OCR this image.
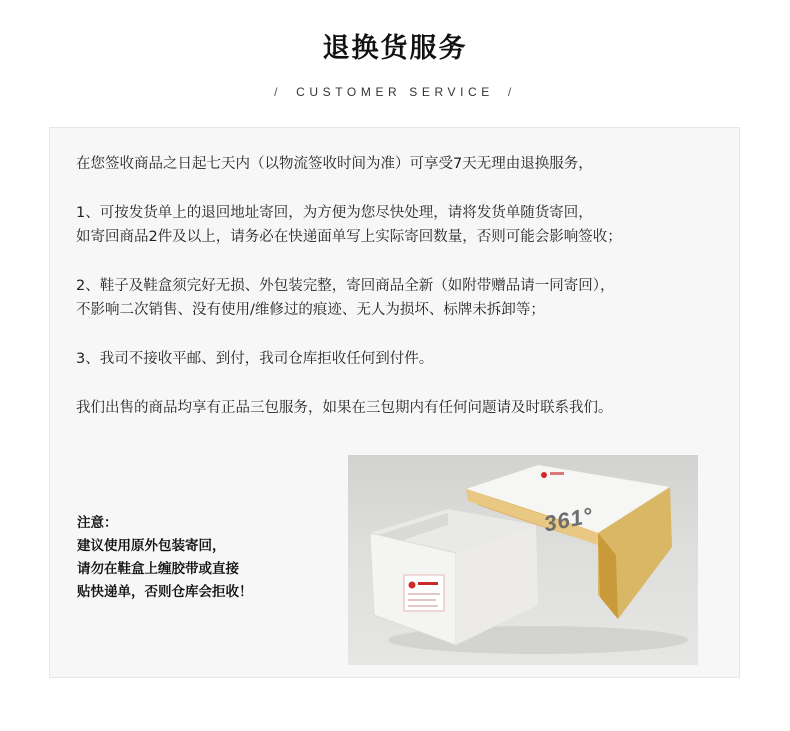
退换货服务
/ CUSTOMER SERVICE /

在您签收商品之日起七天内（以物流签收时间为准）可享受7天无理由退换服务，

1、可按发货单上的退回地址寄回，为方便为您尽快处理，请将发货单随货寄回，

如寄回商品2件及以上，请务必在快递面单写上实际寄回数量，否则可能会影响签收；

2、鞋子及鞋盒须完好无损、外包装完整，寄回商品全新（如附带赠品请一同寄回），

不影响二次销售、没有使用/维修过的痕迹、无人为损坏、标牌未拆卸等；

3、我司不接收平邮、到付，我司仓库拒收任何到付件。

我们出售的商品均享有正品三包服务，如果在三包期内有任何问题请及时联系我们。

注意：

建议使用原外包装寄回，

请勿在鞋盒上缠胶带或直接

贴快递单，否则仓库会拒收！

361°
